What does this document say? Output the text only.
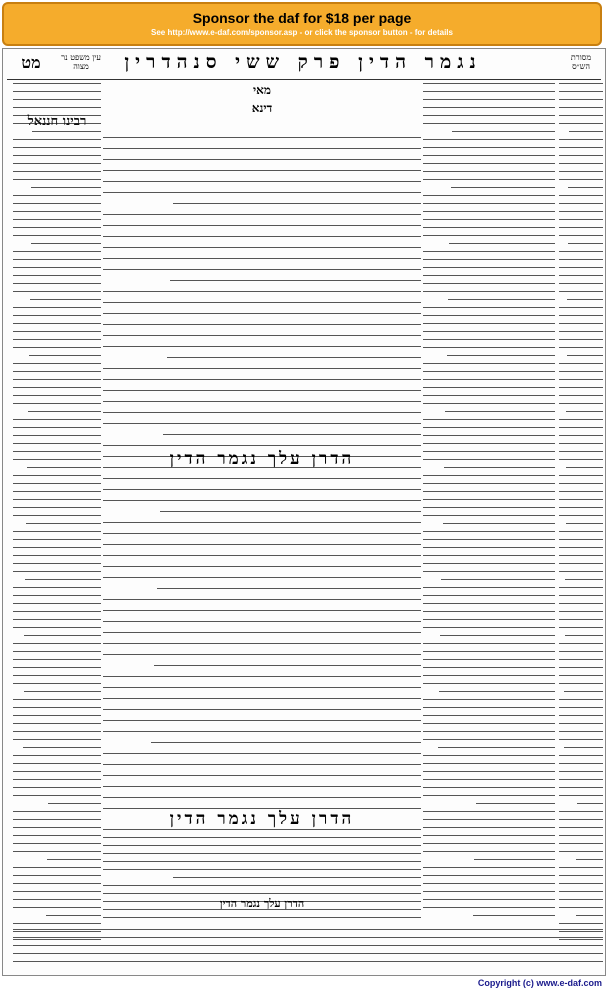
Sponsor the daf for $18 per page
See http://www.e-daf.com/sponsor.asp - or click the sponsor button - for details
נגמר הדין פרק ששי סנהדרין
מט	עין משפט נר מצוה
מסורת הש״ס
מאי
דינא
הדרן עלך נגמר הדין
הדרן עלך נגמר הדין
הדרן עלך נגמר הדין
רבינו חננאל
Copyright (c) www.e-daf.com
